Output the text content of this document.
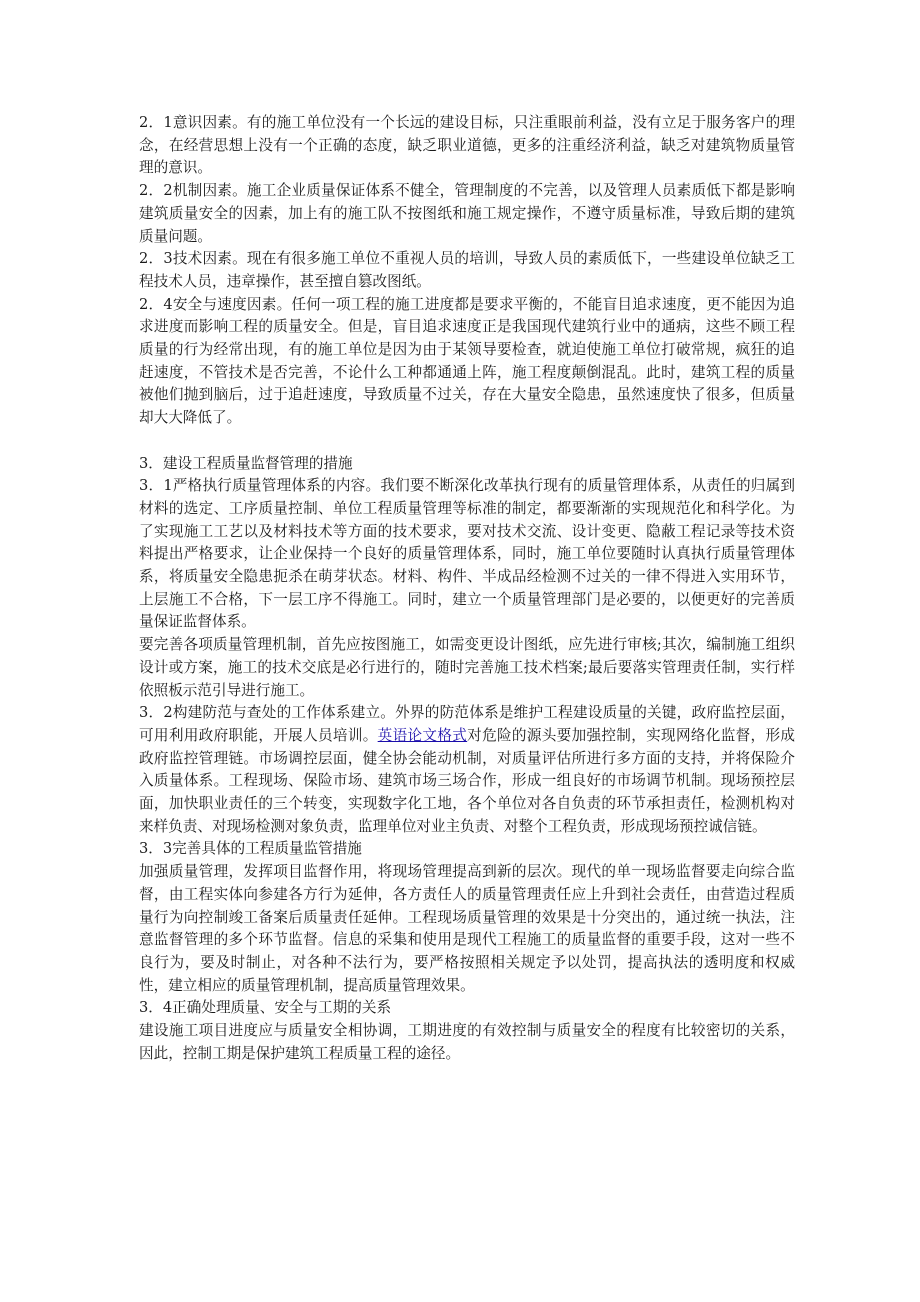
2．1意识因素。有的施工单位没有一个长远的建设目标，只注重眼前利益，没有立足于服务客户的理念，在经营思想上没有一个正确的态度，缺乏职业道德，更多的注重经济利益，缺乏对建筑物质量管理的意识。

2．2机制因素。施工企业质量保证体系不健全，管理制度的不完善，以及管理人员素质低下都是影响建筑质量安全的因素，加上有的施工队不按图纸和施工规定操作，不遵守质量标准，导致后期的建筑质量问题。

2．3技术因素。现在有很多施工单位不重视人员的培训，导致人员的素质低下，一些建设单位缺乏工程技术人员，违章操作，甚至擅自篡改图纸。

2．4安全与速度因素。任何一项工程的施工进度都是要求平衡的，不能盲目追求速度，更不能因为追求进度而影响工程的质量安全。但是，盲目追求速度正是我国现代建筑行业中的通病，这些不顾工程质量的行为经常出现，有的施工单位是因为由于某领导要检查，就迫使施工单位打破常规，疯狂的追赶速度，不管技术是否完善，不论什么工种都通通上阵，施工程度颠倒混乱。此时，建筑工程的质量被他们抛到脑后，过于追赶速度，导致质量不过关，存在大量安全隐患，虽然速度快了很多，但质量却大大降低了。

3．建设工程质量监督管理的措施

3．1严格执行质量管理体系的内容。我们要不断深化改革执行现有的质量管理体系，从责任的归属到材料的选定、工序质量控制、单位工程质量管理等标准的制定，都要渐渐的实现规范化和科学化。为了实现施工工艺以及材料技术等方面的技术要求，要对技术交流、设计变更、隐蔽工程记录等技术资料提出严格要求，让企业保持一个良好的质量管理体系，同时，施工单位要随时认真执行质量管理体系，将质量安全隐患扼杀在萌芽状态。材料、构件、半成品经检测不过关的一律不得进入实用环节，上层施工不合格，下一层工序不得施工。同时，建立一个质量管理部门是必要的，以便更好的完善质量保证监督体系。

要完善各项质量管理机制，首先应按图施工，如需变更设计图纸，应先进行审核;其次，编制施工组织设计或方案，施工的技术交底是必行进行的，随时完善施工技术档案;最后要落实管理责任制，实行样依照板示范引导进行施工。

3．2构建防范与查处的工作体系建立。外界的防范体系是维护工程建设质量的关键，政府监控层面，可用利用政府职能，开展人员培训。英语论文格式对危险的源头要加强控制，实现网络化监督，形成政府监控管理链。市场调控层面，健全协会能动机制，对质量评估所进行多方面的支持，并将保险介入质量体系。工程现场、保险市场、建筑市场三场合作，形成一组良好的市场调节机制。现场预控层面，加快职业责任的三个转变，实现数字化工地，各个单位对各自负责的环节承担责任，检测机构对来样负责、对现场检测对象负责，监理单位对业主负责、对整个工程负责，形成现场预控诚信链。

3．3完善具体的工程质量监管措施

加强质量管理，发挥项目监督作用，将现场管理提高到新的层次。现代的单一现场监督要走向综合监督，由工程实体向参建各方行为延伸，各方责任人的质量管理责任应上升到社会责任，由营造过程质量行为向控制竣工备案后质量责任延伸。工程现场质量管理的效果是十分突出的，通过统一执法，注意监督管理的多个环节监督。信息的采集和使用是现代工程施工的质量监督的重要手段，这对一些不良行为，要及时制止，对各种不法行为，要严格按照相关规定予以处罚，提高执法的透明度和权威性，建立相应的质量管理机制，提高质量管理效果。

3．4正确处理质量、安全与工期的关系

建设施工项目进度应与质量安全相协调，工期进度的有效控制与质量安全的程度有比较密切的关系，因此，控制工期是保护建筑工程质量工程的途径。
